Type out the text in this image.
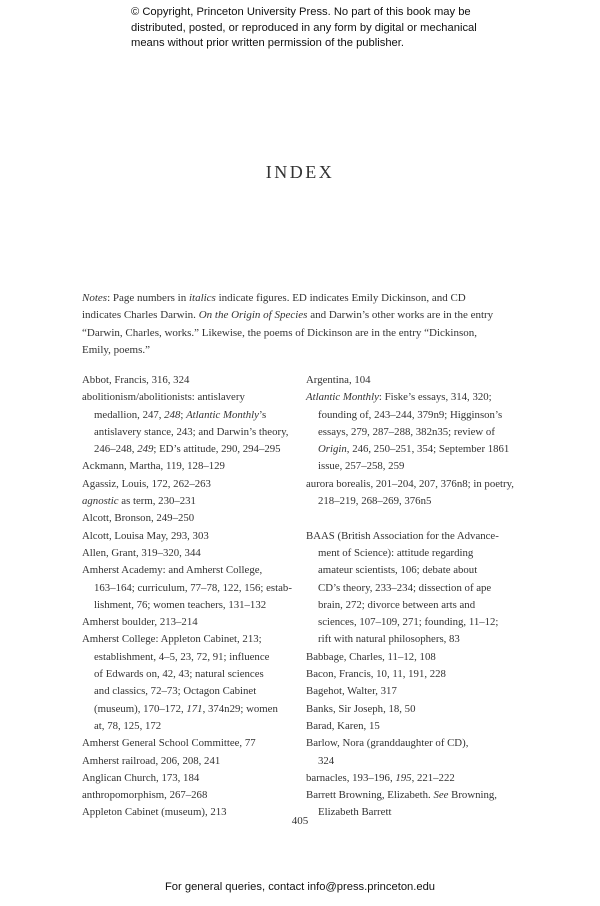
© Copyright, Princeton University Press. No part of this book may be
distributed, posted, or reproduced in any form by digital or mechanical
means without prior written permission of the publisher.
INDEX
Notes: Page numbers in italics indicate figures. ED indicates Emily Dickinson, and CD
indicates Charles Darwin. On the Origin of Species and Darwin’s other works are in the entry
“Darwin, Charles, works.” Likewise, the poems of Dickinson are in the entry “Dickinson,
Emily, poems.”
Abbot, Francis, 316, 324
abolitionism/abolitionists: antislavery
medallion, 247, 248; Atlantic Monthly’s
antislavery stance, 243; and Darwin’s theory,
246–248, 249; ED’s attitude, 290, 294–295
Ackmann, Martha, 119, 128–129
Agassiz, Louis, 172, 262–263
agnostic as term, 230–231
Alcott, Bronson, 249–250
Alcott, Louisa May, 293, 303
Allen, Grant, 319–320, 344
Amherst Academy: and Amherst College,
163–164; curriculum, 77–78, 122, 156; estab-
lishment, 76; women teachers, 131–132
Amherst boulder, 213–214
Amherst College: Appleton Cabinet, 213;
establishment, 4–5, 23, 72, 91; influence
of Edwards on, 42, 43; natural sciences
and classics, 72–73; Octagon Cabinet
(museum), 170–172, 171, 374n29; women
at, 78, 125, 172
Amherst General School Committee, 77
Amherst railroad, 206, 208, 241
Anglican Church, 173, 184
anthropomorphism, 267–268
Appleton Cabinet (museum), 213
Argentina, 104
Atlantic Monthly: Fiske’s essays, 314, 320;
founding of, 243–244, 379n9; Higginson’s
essays, 279, 287–288, 382n35; review of
Origin, 246, 250–251, 354; September 1861
issue, 257–258, 259
aurora borealis, 201–204, 207, 376n8; in poetry,
218–219, 268–269, 376n5
BAAS (British Association for the Advance-
ment of Science): attitude regarding
amateur scientists, 106; debate about
CD’s theory, 233–234; dissection of ape
brain, 272; divorce between arts and
sciences, 107–109, 271; founding, 11–12;
rift with natural philosophers, 83
Babbage, Charles, 11–12, 108
Bacon, Francis, 10, 11, 191, 228
Bagehot, Walter, 317
Banks, Sir Joseph, 18, 50
Barad, Karen, 15
Barlow, Nora (granddaughter of CD),
324
barnacles, 193–196, 195, 221–222
Barrett Browning, Elizabeth. See Browning,
Elizabeth Barrett
405
For general queries, contact info@press.princeton.edu
